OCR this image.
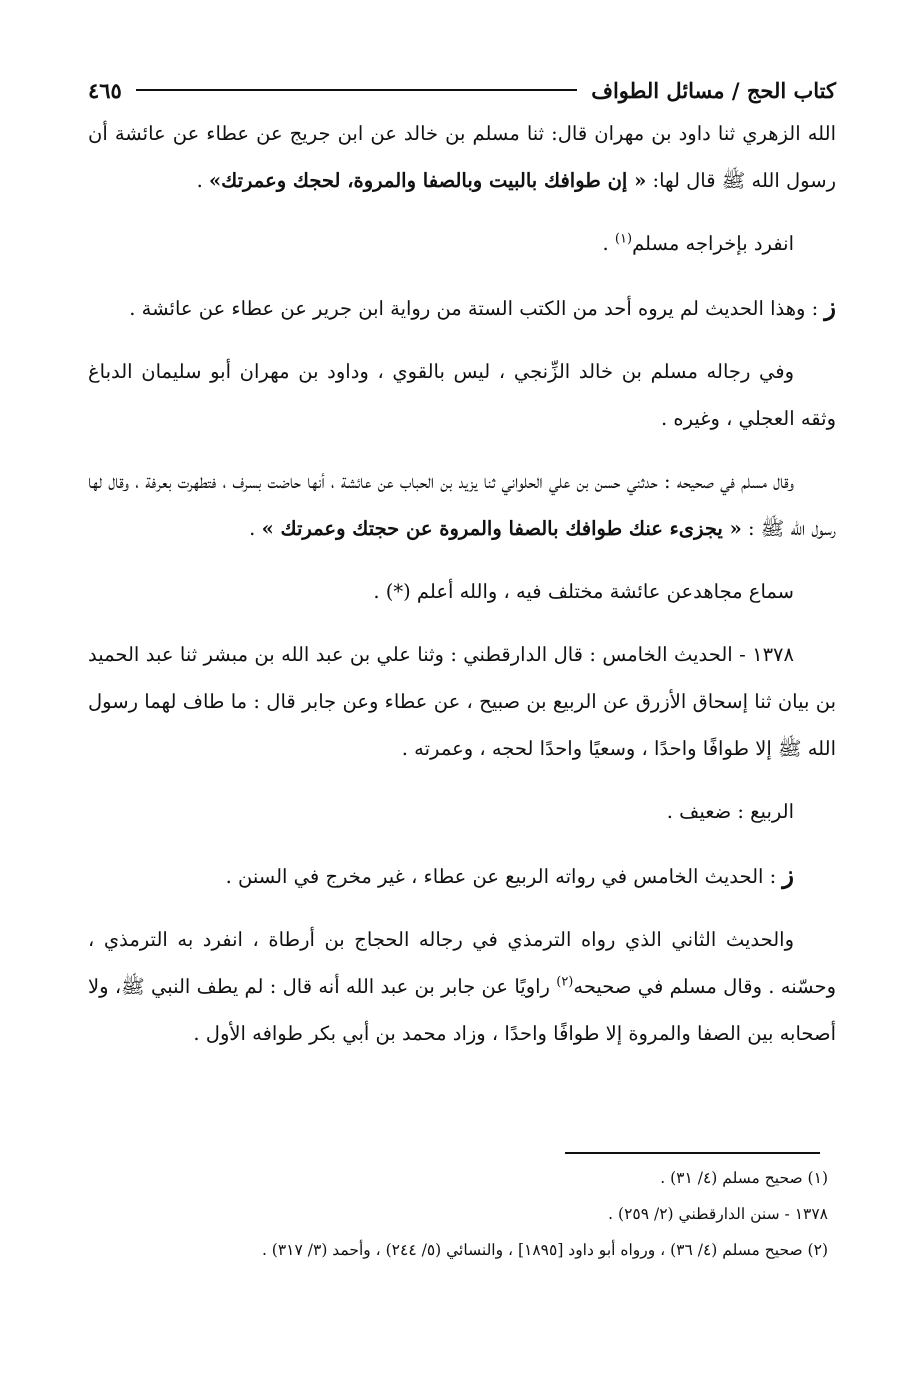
كتاب الحج / مسائل الطواف
٤٦٥

الله الزهري ثنا داود بن مهران قال: ثنا مسلم بن خالد عن ابن جريج عن عطاء عن عائشة أن رسول الله ﷺ قال لها: « إن طوافك بالبيت وبالصفا والمروة، لحجك وعمرتك» .

انفرد بإخراجه مسلم$^{(١)}$ .

ز : وهذا الحديث لم يروه أحد من الكتب الستة من رواية ابن جرير عن عطاء عن عائشة .

وفي رجاله مسلم بن خالد الزِّنجي ، ليس بالقوي ، وداود بن مهران أبو سليمان الدباغ وثقه العجلي ، وغيره .

وقال مسلم في صحيحه : حدثني حسن بن علي الحلواني ثنا يزيد بن الحباب عن عائشة ، أنها حاضت بسرف ، فتطهرت بعرفة ، وقال لها رسول الله ﷺ : « يجزىء عنك طوافك بالصفا والمروة عن حجتك وعمرتك » .

سماع مجاهدعن عائشة مختلف فيه ، والله أعلم (*) .

١٣٧٨ - الحديث الخامس : قال الدارقطني : وثنا علي بن عبد الله بن مبشر ثنا عبد الحميد بن بيان ثنا إسحاق الأزرق عن الربيع بن صبيح ، عن عطاء وعن جابر قال : ما طاف لهما رسول الله ﷺ إلا طوافًا واحدًا ، وسعيًا واحدًا لحجه ، وعمرته .

الربيع : ضعيف .

ز : الحديث الخامس في رواته الربيع عن عطاء ، غير مخرج في السنن .

والحديث الثاني الذي رواه الترمذي في رجاله الحجاج بن أرطاة ، انفرد به الترمذي ، وحسّنه . وقال مسلم في صحيحه$^{(٢)}$ راويًا عن جابر بن عبد الله أنه قال : لم يطف النبي ﷺ، ولا أصحابه بين الصفا والمروة إلا طوافًا واحدًا ، وزاد محمد بن أبي بكر طوافه الأول .

(١) صحيح مسلم (٤/ ٣١) .
١٣٧٨ - سنن الدارقطني (٢/ ٢٥٩) .
(٢) صحيح مسلم (٤/ ٣٦) ، ورواه أبو داود [١٨٩٥] ، والنسائي (٥/ ٢٤٤) ، وأحمد (٣/ ٣١٧) .
